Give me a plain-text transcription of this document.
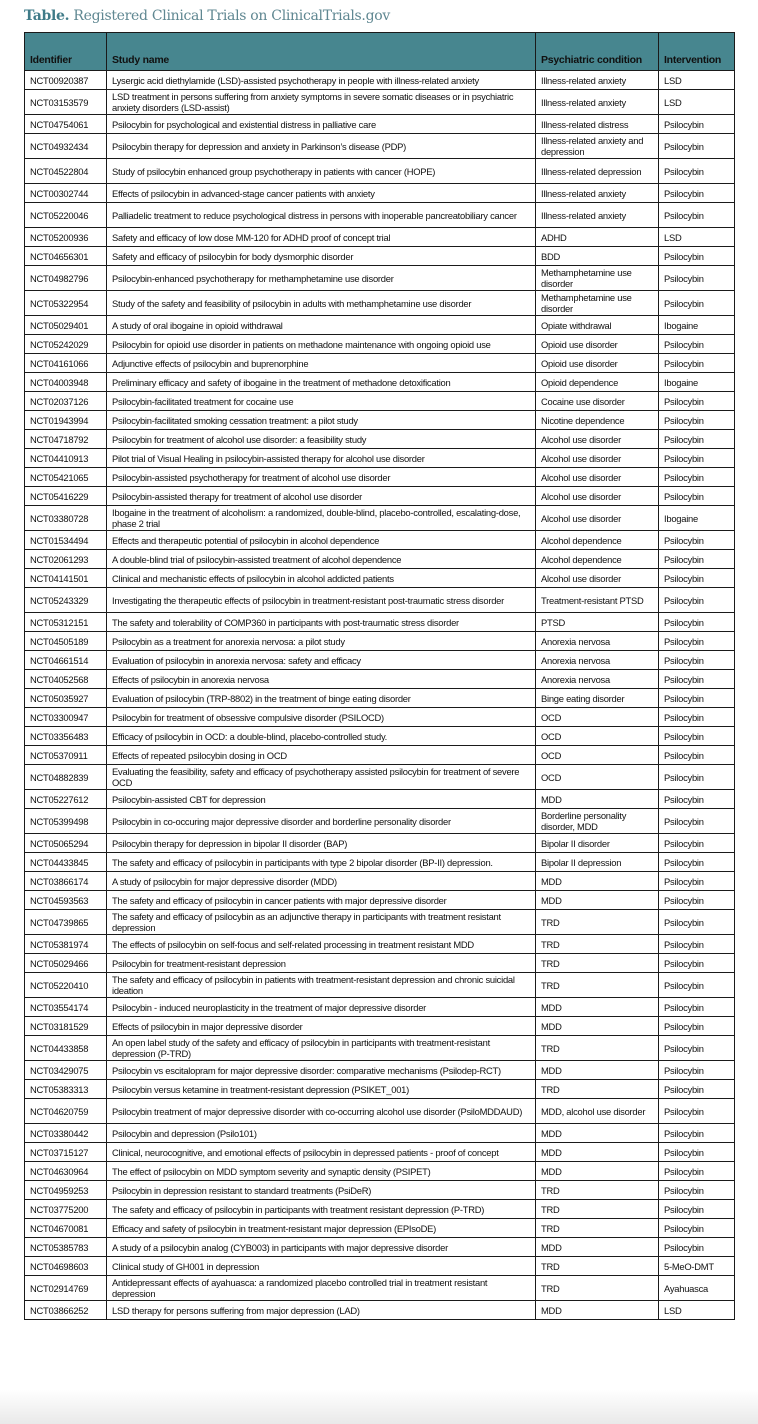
Table. Registered Clinical Trials on ClinicalTrials.gov
Identifier	Study name	Psychiatric condition	Intervention
NCT00920387	Lysergic acid diethylamide (LSD)-assisted psychotherapy in people with illness-related anxiety	Illness-related anxiety	LSD
NCT03153579	LSD treatment in persons suffering from anxiety symptoms in severe somatic diseases or in psychiatric anxiety disorders (LSD-assist)	Illness-related anxiety	LSD
NCT04754061	Psilocybin for psychological and existential distress in palliative care	Illness-related distress	Psilocybin
NCT04932434	Psilocybin therapy for depression and anxiety in Parkinson’s disease (PDP)	Illness-related anxiety and depression	Psilocybin
NCT04522804	Study of psilocybin enhanced group psychotherapy in patients with cancer (HOPE)	Illness-related depression	Psilocybin
NCT00302744	Effects of psilocybin in advanced-stage cancer patients with anxiety	Illness-related anxiety	Psilocybin
NCT05220046	Palliadelic treatment to reduce psychological distress in persons with inoperable pancreatobiliary cancer	Illness-related anxiety	Psilocybin
NCT05200936	Safety and efficacy of low dose MM-120 for ADHD proof of concept trial	ADHD	LSD
NCT04656301	Safety and efficacy of psilocybin for body dysmorphic disorder	BDD	Psilocybin
NCT04982796	Psilocybin-enhanced psychotherapy for methamphetamine use disorder	Methamphetamine use disorder	Psilocybin
NCT05322954	Study of the safety and feasibility of psilocybin in adults with methamphetamine use disorder	Methamphetamine use disorder	Psilocybin
NCT05029401	A study of oral ibogaine in opioid withdrawal	Opiate withdrawal	Ibogaine
NCT05242029	Psilocybin for opioid use disorder in patients on methadone maintenance with ongoing opioid use	Opioid use disorder	Psilocybin
NCT04161066	Adjunctive effects of psilocybin and buprenorphine	Opioid use disorder	Psilocybin
NCT04003948	Preliminary efficacy and safety of ibogaine in the treatment of methadone detoxification	Opioid dependence	Ibogaine
NCT02037126	Psilocybin-facilitated treatment for cocaine use	Cocaine use disorder	Psilocybin
NCT01943994	Psilocybin-facilitated smoking cessation treatment: a pilot study	Nicotine dependence	Psilocybin
NCT04718792	Psilocybin for treatment of alcohol use disorder: a feasibility study	Alcohol use disorder	Psilocybin
NCT04410913	Pilot trial of Visual Healing in psilocybin-assisted therapy for alcohol use disorder	Alcohol use disorder	Psilocybin
NCT05421065	Psilocybin-assisted psychotherapy for treatment of alcohol use disorder	Alcohol use disorder	Psilocybin
NCT05416229	Psilocybin-assisted therapy for treatment of alcohol use disorder	Alcohol use disorder	Psilocybin
NCT03380728	Ibogaine in the treatment of alcoholism: a randomized, double-blind, placebo-controlled, escalating-dose, phase 2 trial	Alcohol use disorder	Ibogaine
NCT01534494	Effects and therapeutic potential of psilocybin in alcohol dependence	Alcohol dependence	Psilocybin
NCT02061293	A double-blind trial of psilocybin-assisted treatment of alcohol dependence	Alcohol dependence	Psilocybin
NCT04141501	Clinical and mechanistic effects of psilocybin in alcohol addicted patients	Alcohol use disorder	Psilocybin
NCT05243329	Investigating the therapeutic effects of psilocybin in treatment-resistant post-traumatic stress disorder	Treatment-resistant PTSD	Psilocybin
NCT05312151	The safety and tolerability of COMP360 in participants with post-traumatic stress disorder	PTSD	Psilocybin
NCT04505189	Psilocybin as a treatment for anorexia nervosa: a pilot study	Anorexia nervosa	Psilocybin
NCT04661514	Evaluation of psilocybin in anorexia nervosa: safety and efficacy	Anorexia nervosa	Psilocybin
NCT04052568	Effects of psilocybin in anorexia nervosa	Anorexia nervosa	Psilocybin
NCT05035927	Evaluation of psilocybin (TRP-8802) in the treatment of binge eating disorder	Binge eating disorder	Psilocybin
NCT03300947	Psilocybin for treatment of obsessive compulsive disorder (PSILOCD)	OCD	Psilocybin
NCT03356483	Efficacy of psilocybin in OCD: a double-blind, placebo-controlled study.	OCD	Psilocybin
NCT05370911	Effects of repeated psilocybin dosing in OCD	OCD	Psilocybin
NCT04882839	Evaluating the feasibility, safety and efficacy of psychotherapy assisted psilocybin for treatment of severe OCD	OCD	Psilocybin
NCT05227612	Psilocybin-assisted CBT for depression	MDD	Psilocybin
NCT05399498	Psilocybin in co-occuring major depressive disorder and borderline personality disorder	Borderline personality disorder, MDD	Psilocybin
NCT05065294	Psilocybin therapy for depression in bipolar II disorder (BAP)	Bipolar II disorder	Psilocybin
NCT04433845	The safety and efficacy of psilocybin in participants with type 2 bipolar disorder (BP-II) depression.	Bipolar II depression	Psilocybin
NCT03866174	A study of psilocybin for major depressive disorder (MDD)	MDD	Psilocybin
NCT04593563	The safety and efficacy of psilocybin in cancer patients with major depressive disorder	MDD	Psilocybin
NCT04739865	The safety and efficacy of psilocybin as an adjunctive therapy in participants with treatment resistant depression	TRD	Psilocybin
NCT05381974	The effects of psilocybin on self-focus and self-related processing in treatment resistant MDD	TRD	Psilocybin
NCT05029466	Psilocybin for treatment-resistant depression	TRD	Psilocybin
NCT05220410	The safety and efficacy of psilocybin in patients with treatment-resistant depression and chronic suicidal ideation	TRD	Psilocybin
NCT03554174	Psilocybin - induced neuroplasticity in the treatment of major depressive disorder	MDD	Psilocybin
NCT03181529	Effects of psilocybin in major depressive disorder	MDD	Psilocybin
NCT04433858	An open label study of the safety and efficacy of psilocybin in participants with treatment-resistant depression (P-TRD)	TRD	Psilocybin
NCT03429075	Psilocybin vs escitalopram for major depressive disorder: comparative mechanisms (Psilodep-RCT)	MDD	Psilocybin
NCT05383313	Psilocybin versus ketamine in treatment-resistant depression (PSIKET_001)	TRD	Psilocybin
NCT04620759	Psilocybin treatment of major depressive disorder with co-occurring alcohol use disorder (PsiloMDDAUD)	MDD, alcohol use disorder	Psilocybin
NCT03380442	Psilocybin and depression (Psilo101)	MDD	Psilocybin
NCT03715127	Clinical, neurocognitive, and emotional effects of psilocybin in depressed patients - proof of concept	MDD	Psilocybin
NCT04630964	The effect of psilocybin on MDD symptom severity and synaptic density (PSIPET)	MDD	Psilocybin
NCT04959253	Psilocybin in depression resistant to standard treatments (PsiDeR)	TRD	Psilocybin
NCT03775200	The safety and efficacy of psilocybin in participants with treatment resistant depression (P-TRD)	TRD	Psilocybin
NCT04670081	Efficacy and safety of psilocybin in treatment-resistant major depression (EPIsoDE)	TRD	Psilocybin
NCT05385783	A study of a psilocybin analog (CYB003) in participants with major depressive disorder	MDD	Psilocybin
NCT04698603	Clinical study of GH001 in depression	TRD	5-MeO-DMT
NCT02914769	Antidepressant effects of ayahuasca: a randomized placebo controlled trial in treatment resistant depression	TRD	Ayahuasca
NCT03866252	LSD therapy for persons suffering from major depression (LAD)	MDD	LSD
